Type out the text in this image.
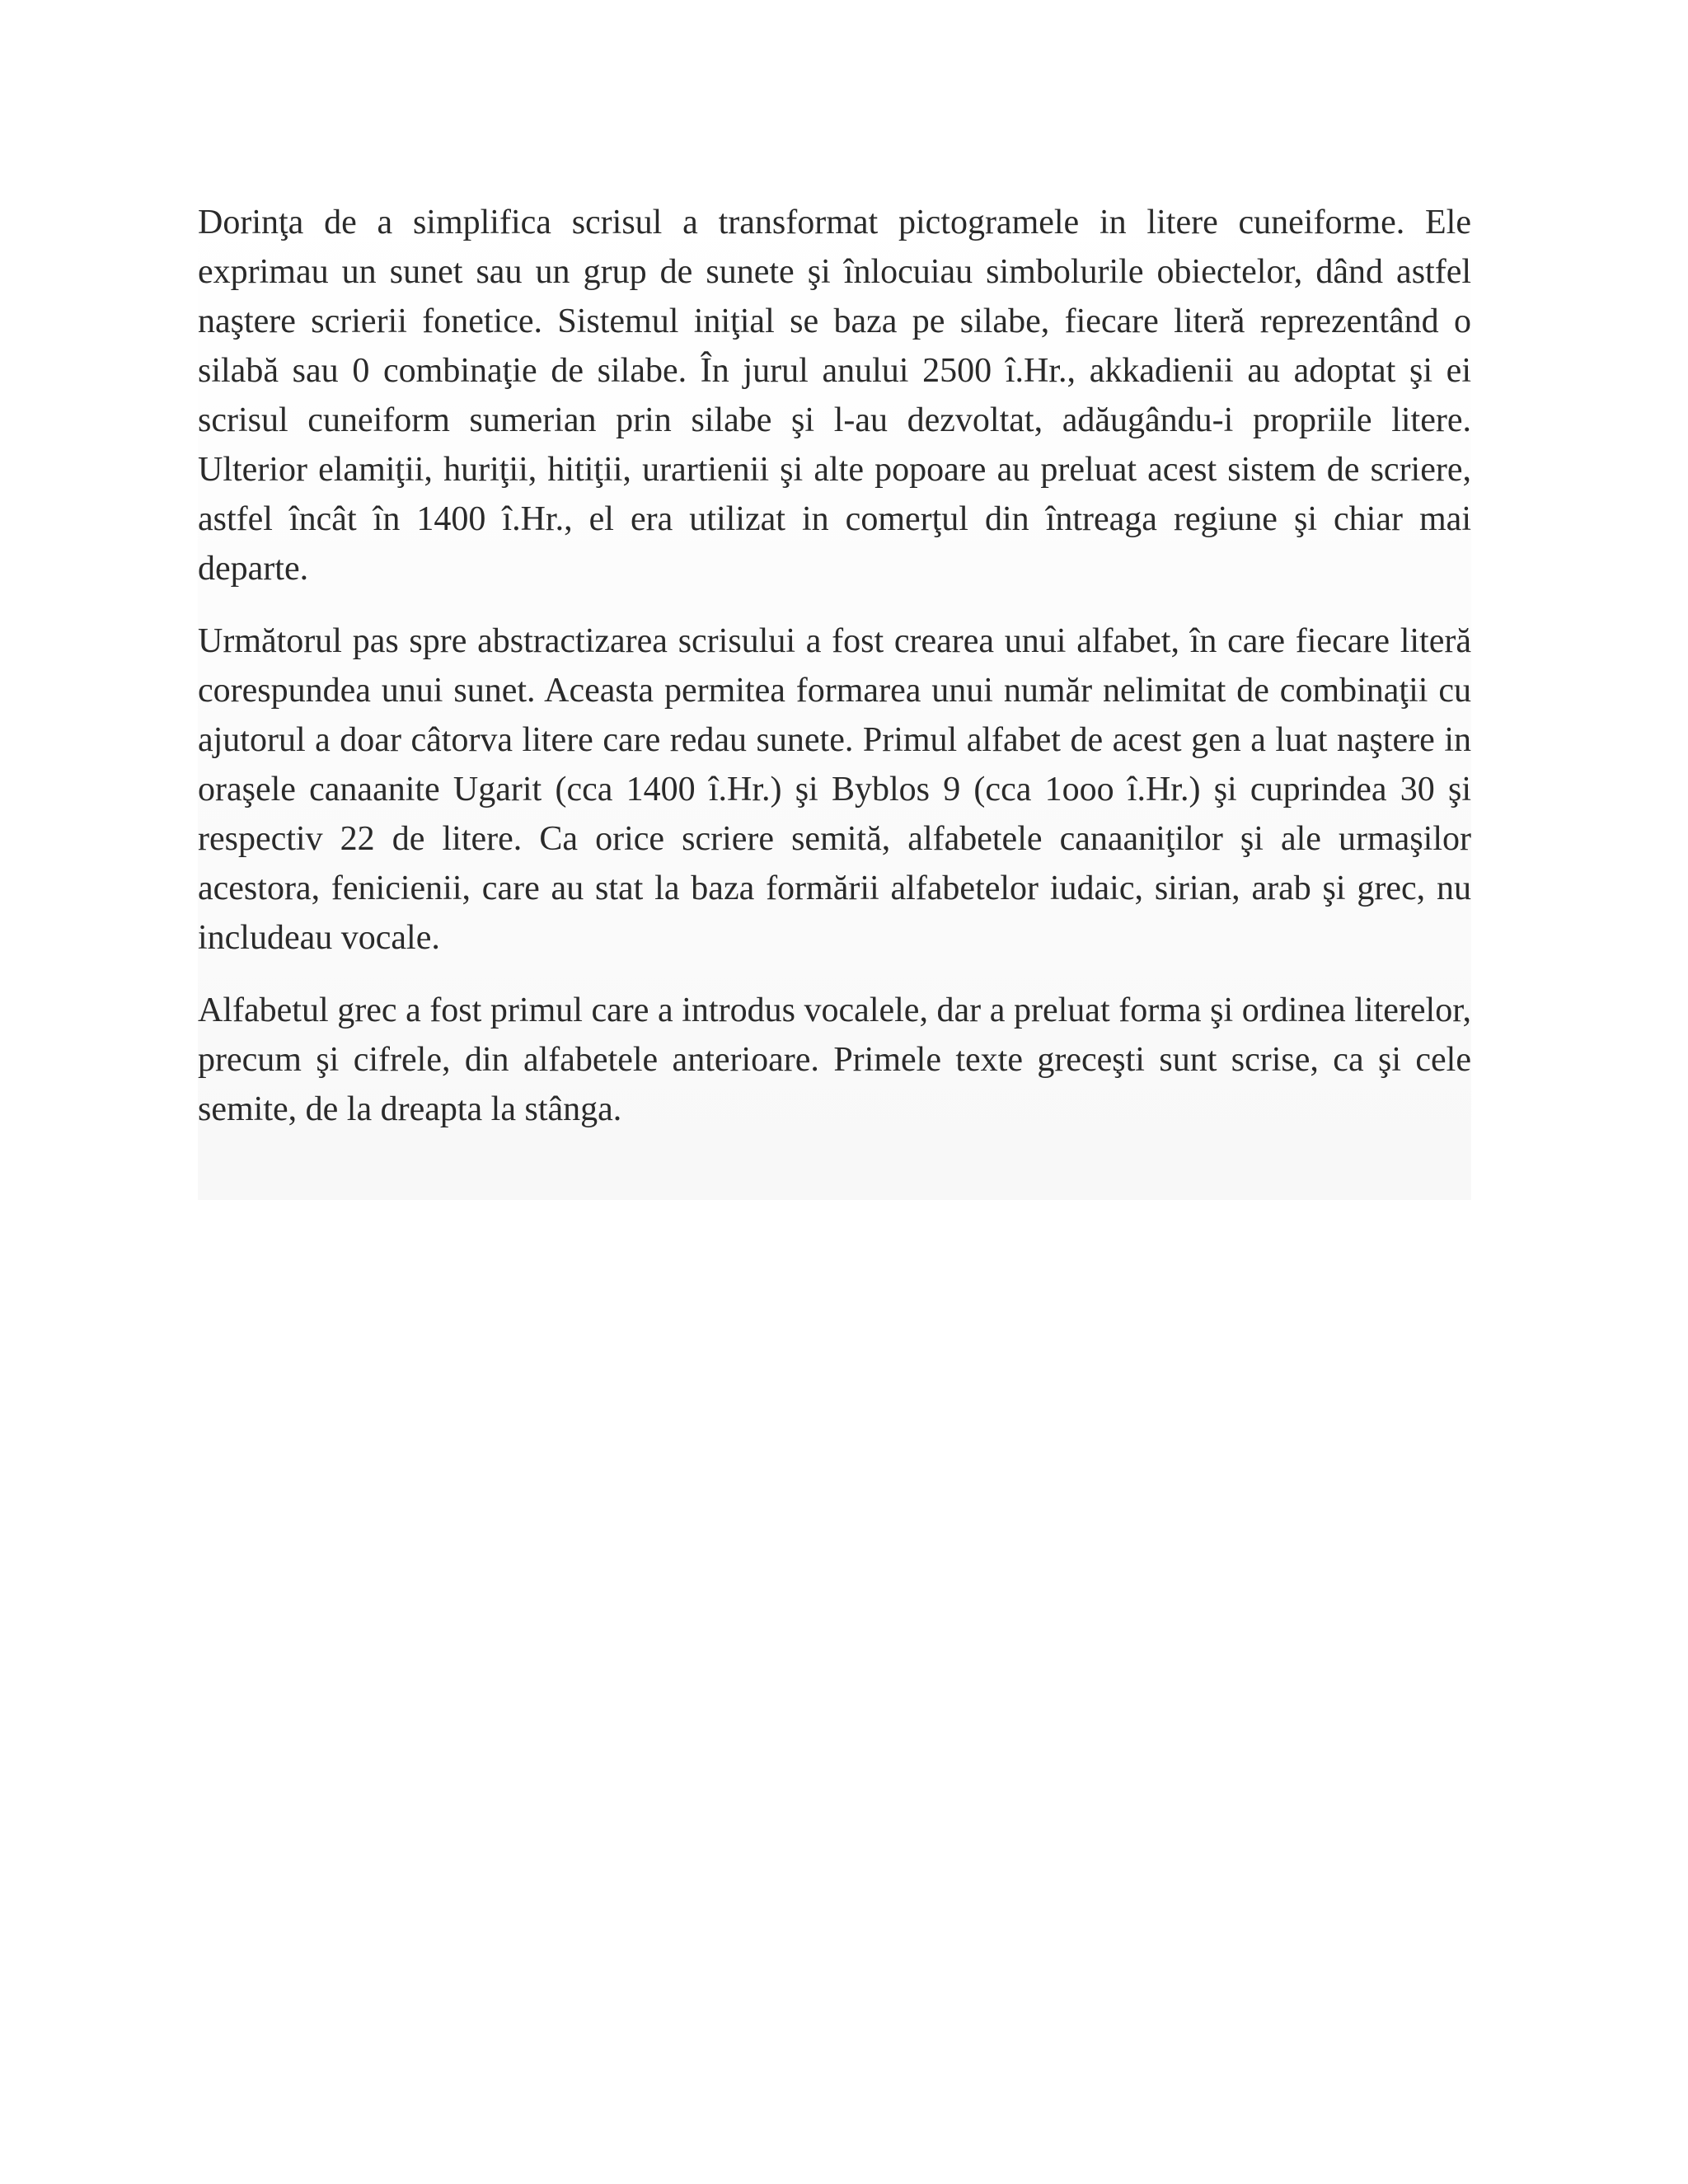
Dorinţa de a simplifica scrisul a transformat pictogramele in litere cuneiforme. Ele exprimau un sunet sau un grup de sunete şi înlocuiau simbolurile obiectelor, dând astfel naştere scrierii fonetice. Sistemul iniţial se baza pe silabe, fiecare literă reprezentând o silabă sau 0 combinaţie de silabe. În jurul anului 2500 î.Hr., akkadienii au adoptat şi ei scrisul cuneiform sumerian prin silabe şi l-au dezvoltat, adăugându-i propriile litere. Ulterior elamiţii, huriţii, hitiţii, urartienii şi alte popoare au preluat acest sistem de scriere, astfel încât în 1400 î.Hr., el era utilizat in comerţul din întreaga regiune şi chiar mai departe.

Următorul pas spre abstractizarea scrisului a fost crearea unui alfabet, în care fiecare literă corespundea unui sunet. Aceasta permitea formarea unui număr nelimitat de combinaţii cu ajutorul a doar câtorva litere care redau sunete. Primul alfabet de acest gen a luat naştere in oraşele canaanite Ugarit (cca 1400 î.Hr.) şi Byblos 9 (cca 1ooo î.Hr.) şi cuprindea 30 şi respectiv 22 de litere. Ca orice scriere semită, alfabetele canaaniţilor şi ale urmaşilor acestora, fenicienii, care au stat la baza formării alfabetelor iudaic, sirian, arab şi grec, nu includeau vocale.

Alfabetul grec a fost primul care a introdus vocalele, dar a preluat forma şi ordinea literelor, precum şi cifrele, din alfabetele anterioare. Primele texte greceşti sunt scrise, ca şi cele semite, de la dreapta la stânga.
